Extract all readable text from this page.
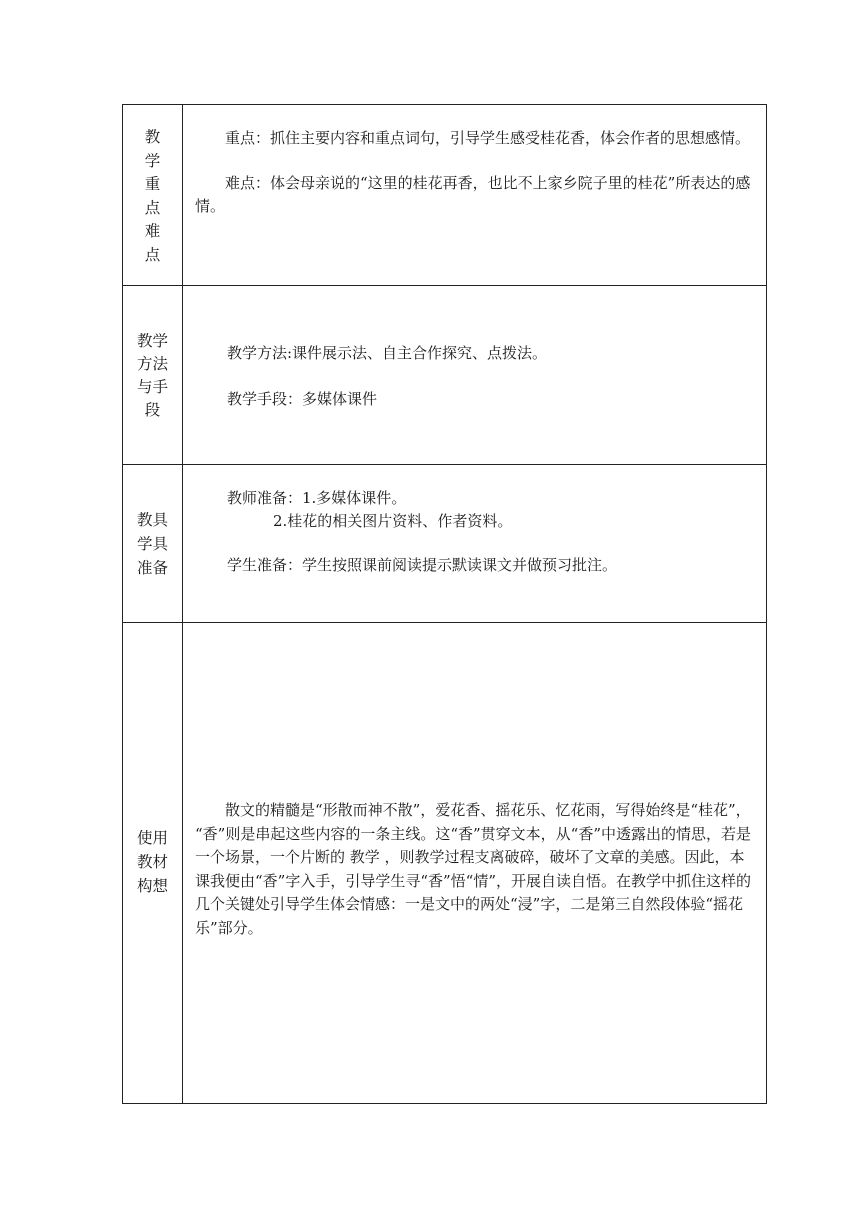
教
学
重
点
难
点

重点：抓住主要内容和重点词句，引导学生感受桂花香，体会作者的思想感情。

难点：体会母亲说的“这里的桂花再香，也比不上家乡院子里的桂花”所表达的感情。

教学
方法
与手
段

教学方法:课件展示法、自主合作探究、点拨法。

教学手段：多媒体课件

教具
学具
准备

教师准备：1.多媒体课件。

2.桂花的相关图片资料、作者资料。

学生准备：学生按照课前阅读提示默读课文并做预习批注。

使用
教材
构想

散文的精髓是“形散而神不散”，爱花香、摇花乐、忆花雨，写得始终是“桂花”， “香”则是串起这些内容的一条主线。这“香”贯穿文本，从“香”中透露出的情思，若是一个场景，一个片断的 教学 ，则教学过程支离破碎，破坏了文章的美感。因此，本课我便由“香”字入手，引导学生寻“香”悟“情”，开展自读自悟。在教学中抓住这样的几个关键处引导学生体会情感：一是文中的两处“浸”字，二是第三自然段体验“摇花乐”部分。
